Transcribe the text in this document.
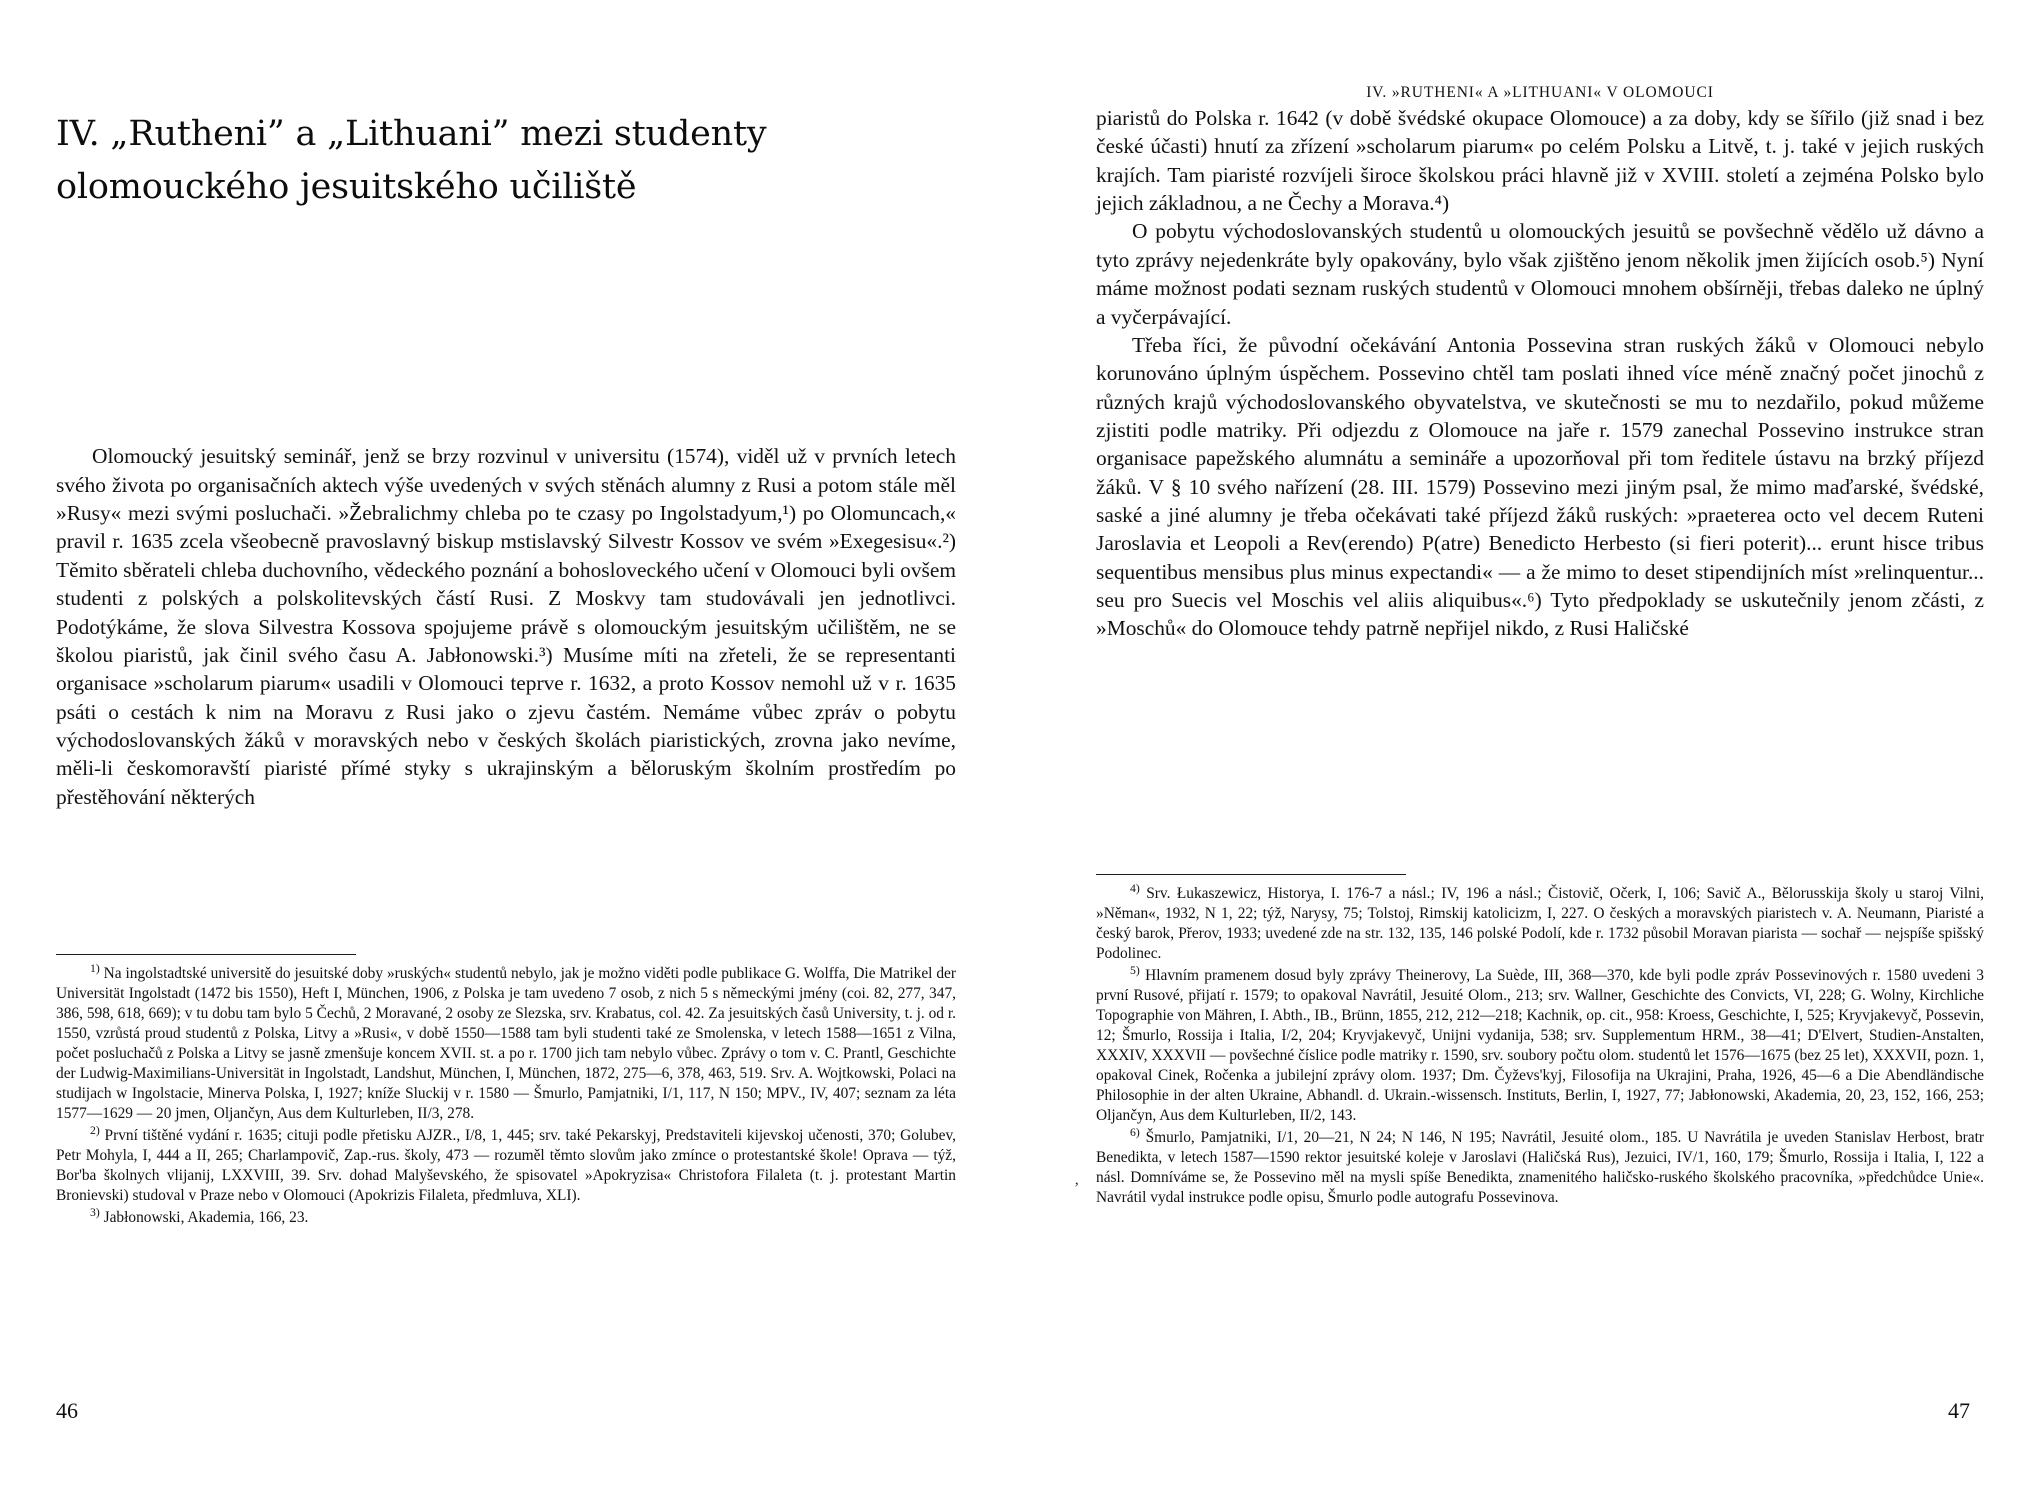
IV. »RUTHENI« A »LITHUANI« V OLOMOUCI
IV. „Rutheni” a „Lithuani” mezi studenty olomouckého jesuitského učiliště

Olomoucký jesuitský seminář, jenž se brzy rozvinul v universitu (1574), viděl už v prvních letech svého života po organisačních aktech výše uvedených v svých stěnách alumny z Rusi a potom stále měl »Rusy« mezi svými posluchači. »Žebralichmy chleba po te czasy po Ingolstadyum,¹) po Olomuncach,« pravil r. 1635 zcela všeobecně pravoslavný biskup mstislavský Silvestr Kossov ve svém »Exegesisu«.²) Těmito sběrateli chleba duchovního, vědeckého poznání a bohosloveckého učení v Olomouci byli ovšem studenti z polských a polskolitevských částí Rusi. Z Moskvy tam studovávali jen jednotlivci. Podotýkáme, že slova Silvestra Kossova spojujeme právě s olomouckým jesuitským učilištěm, ne se školou piaristů, jak činil svého času A. Jabłonowski.³) Musíme míti na zřeteli, že se representanti organisace »scholarum piarum« usadili v Olomouci teprve r. 1632, a proto Kossov nemohl už v r. 1635 psáti o cestách k nim na Moravu z Rusi jako o zjevu častém. Nemáme vůbec zpráv o pobytu východoslovanských žáků v moravských nebo v českých školách piaristických, zrovna jako nevíme, měli-li českomoravští piaristé přímé styky s ukrajinským a běloruským školním prostředím po přestěhování některých

$^{1)}$ Na ingolstadtské universitě do jesuitské doby »ruských« studentů nebylo, jak je možno viděti podle publikace G. Wolffa, Die Matrikel der Universität Ingolstadt (1472 bis 1550), Heft I, München, 1906, z Polska je tam uvedeno 7 osob, z nich 5 s německými jmény (coi. 82, 277, 347, 386, 598, 618, 669); v tu dobu tam bylo 5 Čechů, 2 Moravané, 2 osoby ze Slezska, srv. Krabatus, col. 42. Za jesuitských časů University, t. j. od r. 1550, vzrůstá proud studentů z Polska, Litvy a »Rusi«, v době 1550—1588 tam byli studenti také ze Smolenska, v letech 1588—1651 z Vilna, počet posluchačů z Polska a Litvy se jasně zmenšuje koncem XVII. st. a po r. 1700 jich tam nebylo vůbec. Zprávy o tom v. C. Prantl, Geschichte der Ludwig-Maximilians-Universität in Ingolstadt, Landshut, München, I, München, 1872, 275—6, 378, 463, 519. Srv. A. Wojtkowski, Polaci na studijach w Ingolstacie, Minerva Polska, I, 1927; kníže Sluckij v r. 1580 — Šmurlo, Pamjatniki, I/1, 117, N 150; MPV., IV, 407; seznam za léta 1577—1629 — 20 jmen, Oljančyn, Aus dem Kulturleben, II/3, 278.

$^{2)}$ První tištěné vydání r. 1635; cituji podle přetisku AJZR., I/8, 1, 445; srv. také Pekarskyj, Predstaviteli kijevskoj učenosti, 370; Golubev, Petr Mohyla, I, 444 a II, 265; Charlampovič, Zap.-rus. školy, 473 — rozuměl těmto slovům jako zmínce o protestantské škole! Oprava — týž, Bor'ba školnych vlijanij, LXXVIII, 39. Srv. dohad Malyševského, že spisovatel »Apokryzisa« Christofora Filaleta (t. j. protestant Martin Bronievski) studoval v Praze nebo v Olomouci (Apokrizis Filaleta, předmluva, XLI).

$^{3)}$ Jabłonowski, Akademia, 166, 23.

piaristů do Polska r. 1642 (v době švédské okupace Olomouce) a za doby, kdy se šířilo (již snad i bez české účasti) hnutí za zřízení »scholarum piarum« po celém Polsku a Litvě, t. j. také v jejich ruských krajích. Tam piaristé rozvíjeli široce školskou práci hlavně již v XVIII. století a zejména Polsko bylo jejich základnou, a ne Čechy a Morava.⁴)

O pobytu východoslovanských studentů u olomouckých jesuitů se povšechně vědělo už dávno a tyto zprávy nejedenkráte byly opakovány, bylo však zjištěno jenom několik jmen žijících osob.⁵) Nyní máme možnost podati seznam ruských studentů v Olomouci mnohem obšírněji, třebas daleko ne úplný a vyčerpávající.

Třeba říci, že původní očekávání Antonia Possevina stran ruských žáků v Olomouci nebylo korunováno úplným úspěchem. Possevino chtěl tam poslati ihned více méně značný počet jinochů z různých krajů východoslovanského obyvatelstva, ve skutečnosti se mu to nezdařilo, pokud můžeme zjistiti podle matriky. Při odjezdu z Olomouce na jaře r. 1579 zanechal Possevino instrukce stran organisace papežského alumnátu a semináře a upozorňoval při tom ředitele ústavu na brzký příjezd žáků. V § 10 svého nařízení (28. III. 1579) Possevino mezi jiným psal, že mimo maďarské, švédské, saské a jiné alumny je třeba očekávati také příjezd žáků ruských: »praeterea octo vel decem Ruteni Jaroslavia et Leopoli a Rev(erendo) P(atre) Benedicto Herbesto (si fieri poterit)... erunt hisce tribus sequentibus mensibus plus minus expectandi« — a že mimo to deset stipendijních míst »relinquentur... seu pro Suecis vel Moschis vel aliis aliquibus«.⁶) Tyto předpoklady se uskutečnily jenom zčásti, z »Moschů« do Olomouce tehdy patrně nepřijel nikdo, z Rusi Haličské

$^{4)}$ Srv. Łukaszewicz, Historya, I. 176-7 a násl.; IV, 196 a násl.; Čistovič, Očerk, I, 106; Savič A., Bělorusskija školy u staroj Vilni, »Něman«, 1932, N 1, 22; týž, Narysy, 75; Tolstoj, Rimskij katolicizm, I, 227. O českých a moravských piaristech v. A. Neumann, Piaristé a český barok, Přerov, 1933; uvedené zde na str. 132, 135, 146 polské Podolí, kde r. 1732 působil Moravan piarista — sochař — nejspíše spišský Podolinec.

$^{5)}$ Hlavním pramenem dosud byly zprávy Theinerovy, La Suède, III, 368—370, kde byli podle zpráv Possevinových r. 1580 uvedeni 3 první Rusové, přijatí r. 1579; to opakoval Navrátil, Jesuité Olom., 213; srv. Wallner, Geschichte des Convicts, VI, 228; G. Wolny, Kirchliche Topographie von Mähren, I. Abth., IB., Brünn, 1855, 212, 212—218; Kachnik, op. cit., 958: Kroess, Geschichte, I, 525; Kryvjakevyč, Possevin, 12; Šmurlo, Rossija i Italia, I/2, 204; Kryvjakevyč, Unijni vydanija, 538; srv. Supplementum HRM., 38—41; D'Elvert, Studien-Anstalten, XXXIV, XXXVII — povšechné číslice podle matriky r. 1590, srv. soubory počtu olom. studentů let 1576—1675 (bez 25 let), XXXVII, pozn. 1, opakoval Cinek, Ročenka a jubilejní zprávy olom. 1937; Dm. Čyževs'kyj, Filosofija na Ukrajini, Praha, 1926, 45—6 a Die Abendländische Philosophie in der alten Ukraine, Abhandl. d. Ukrain.-wissensch. Instituts, Berlin, I, 1927, 77; Jabłonowski, Akademia, 20, 23, 152, 166, 253; Oljančyn, Aus dem Kulturleben, II/2, 143.

$^{6)}$ Šmurlo, Pamjatniki, I/1, 20—21, N 24; N 146, N 195; Navrátil, Jesuité olom., 185. U Navrátila je uveden Stanislav Herbost, bratr Benedikta, v letech 1587—1590 rektor jesuitské koleje v Jaroslavi (Haličská Rus), Jezuici, IV/1, 160, 179; Šmurlo, Rossija i Italia, I, 122 a násl. Domníváme se, že Possevino měl na mysli spíše Benedikta, znamenitého haličsko-ruského školského pracovníka, »předchůdce Unie«. Navrátil vydal instrukce podle opisu, Šmurlo podle autografu Possevinova.

’
46	47
